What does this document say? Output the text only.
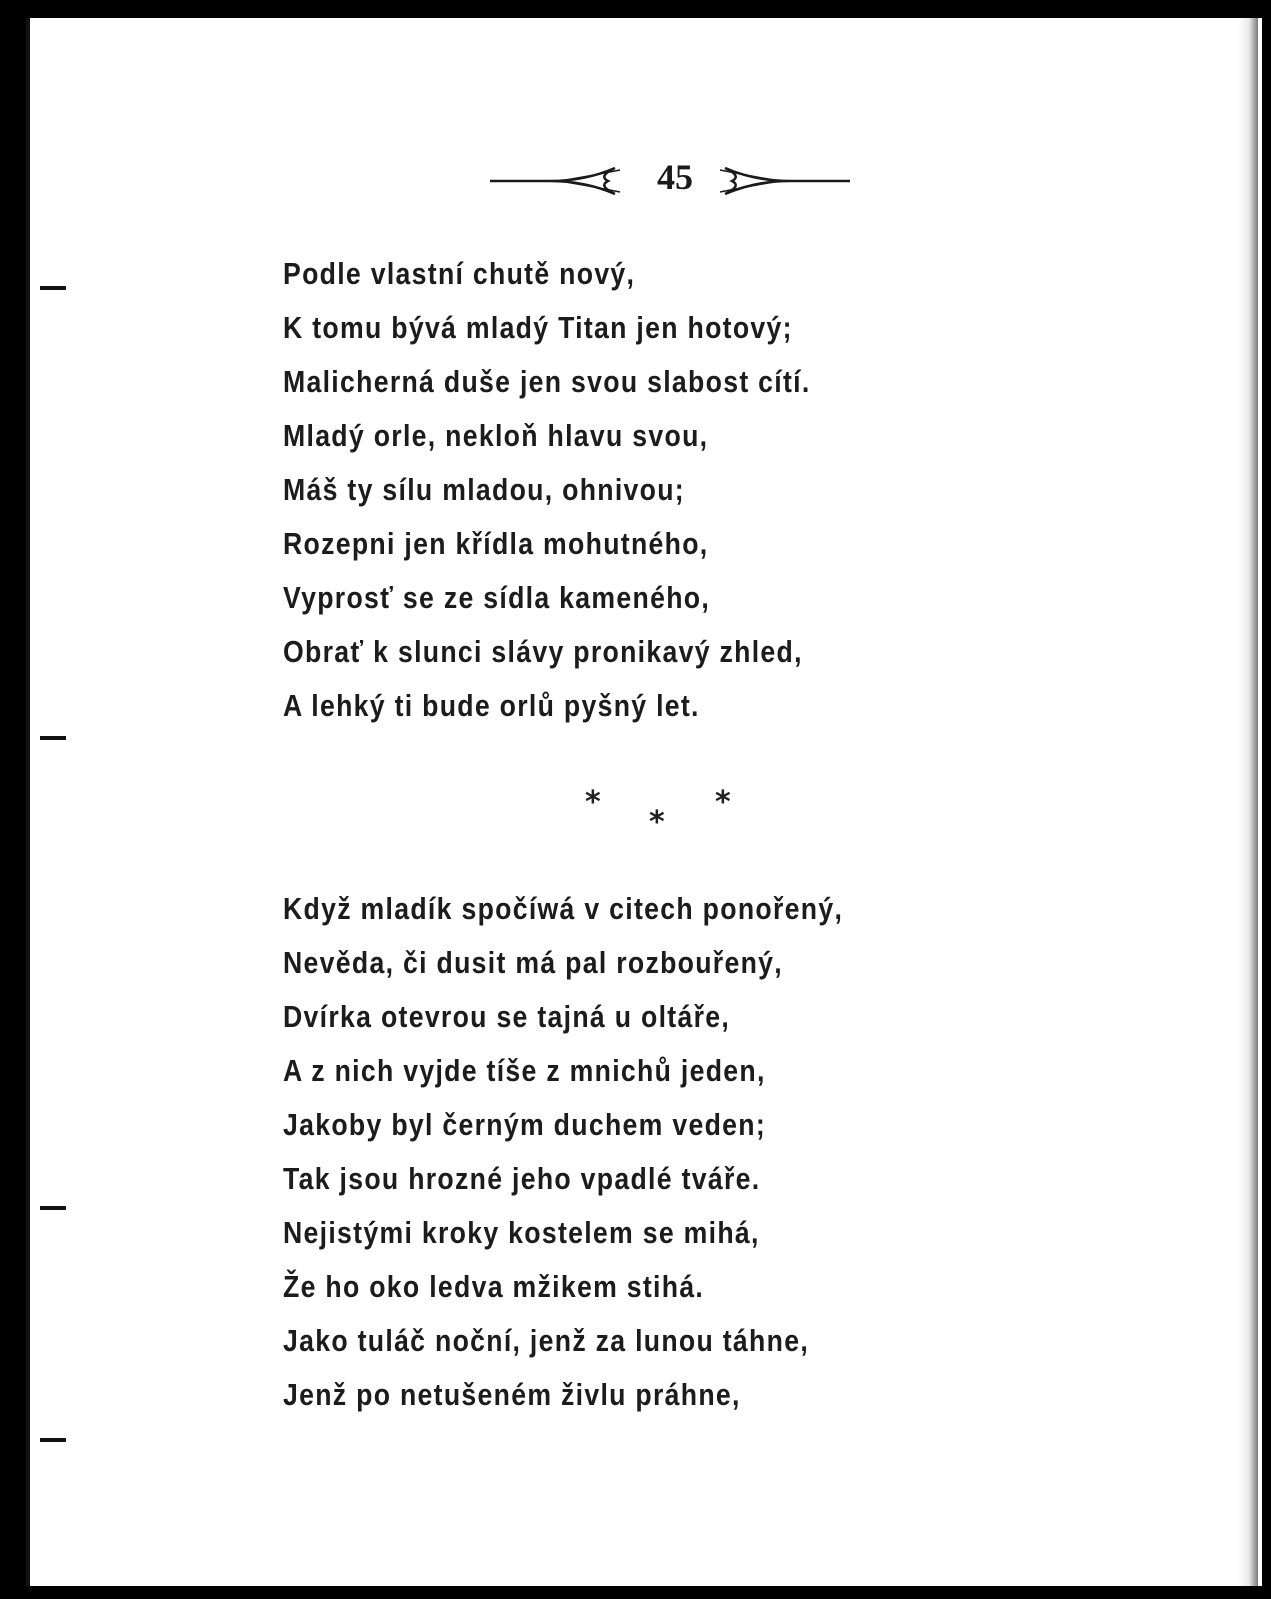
45
Podle vlastní chutě nový,
K tomu bývá mladý Titan jen hotový;
Malicherná duše jen svou slabost cítí.
Mladý orle, nekloň hlavu svou,
Máš ty sílu mladou, ohnivou;
Rozepni jen křídla mohutného,
Vyprosť se ze sídla kameného,
Obrať k slunci slávy pronikavý zhled,
A lehký ti bude orlů pyšný let.
*
*
*
Když mladík spočíwá v citech ponořený,
Nevěda, či dusit má pal rozbouřený,
Dvírka otevrou se tajná u oltáře,
A z nich vyjde tíše z mnichů jeden,
Jakoby byl černým duchem veden;
Tak jsou hrozné jeho vpadlé tváře.
Nejistými kroky kostelem se mihá,
Že ho oko ledva mžikem stihá.
Jako tuláč noční, jenž za lunou táhne,
Jenž po netušeném živlu práhne,
